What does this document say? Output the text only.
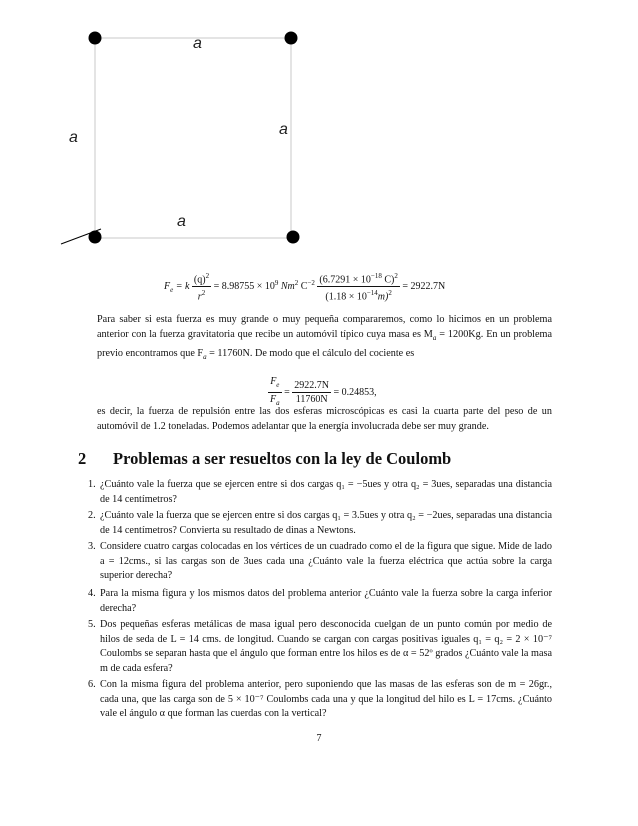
a
a	a
a
$F_e = k \frac{(q)^2}{r^2} = 8.98755 \times 10^9$ Nm$^2$ $C^{-2} \frac{(6.7291 \times 10^{-18} C)^2}{(1.18 \times 10^{-14}m)^2} = 2922.7N$
Para saber si esta fuerza es muy grande o muy pequeña compararemos, como lo hicimos en un problema anterior con la fuerza gravitatoria que recibe un automóvil típico cuya masa es $M_a = 1200Kg$. En un problema previo encontramos que $F_a = 11760N$. De modo que el cálculo del cociente es
$\frac{F_e}{F_a} = \frac{2922.7N}{11760N} = 0.24853$,
es decir, la fuerza de repulsión entre las dos esferas microscópicas es casi la cuarta parte del peso de un automóvil de 1.2 toneladas. Podemos adelantar que la energía involucrada debe ser muy grande.
2 Problemas a ser resueltos con la ley de Coulomb
1. ¿Cuánto vale la fuerza que se ejercen entre si dos cargas q₁ = −5ues y otra q₂ = 3ues, separadas una distancia de 14 centímetros?
2. ¿Cuánto vale la fuerza que se ejercen entre si dos cargas q₁ = 3.5ues y otra q₂ = −2ues, separadas una distancia de 14 centímetros? Convierta su resultado de dinas a Newtons.
3. Considere cuatro cargas colocadas en los vértices de un cuadrado como el de la figura que sigue. Mide de lado a = 12cms., si las cargas son de 3ues cada una ¿Cuánto vale la fuerza eléctrica que actúa sobre la carga superior derecha?
4. Para la misma figura y los mismos datos del problema anterior ¿Cuánto vale la fuerza sobre la carga inferior derecha?
5. Dos pequeñas esferas metálicas de masa igual pero desconocida cuelgan de un punto común por medio de hilos de seda de L = 14 cms. de longitud. Cuando se cargan con cargas positivas iguales q₁ = q₂ = 2 × 10⁻⁷ Coulombs se separan hasta que el ángulo que forman entre los hilos es de α = 52º grados ¿Cuánto vale la masa m de cada esfera?
6. Con la misma figura del problema anterior, pero suponiendo que las masas de las esferas son de m = 26gr., cada una, que las carga son de 5 × 10⁻⁷ Coulombs cada una y que la longitud del hilo es L = 17cms. ¿Cuánto vale el ángulo α que forman las cuerdas con la vertical?
7
